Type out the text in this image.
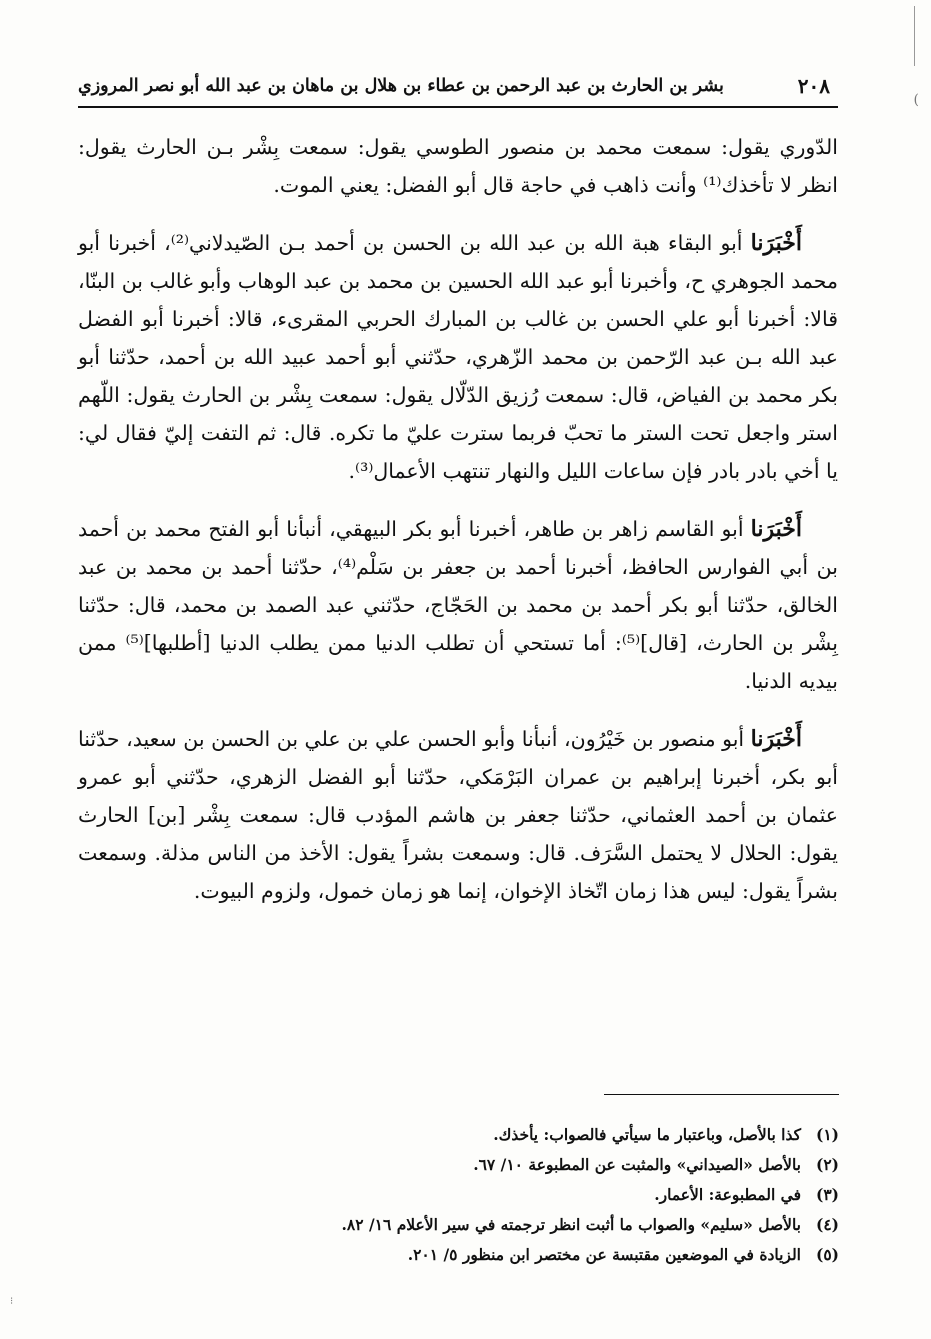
)
⁝
٢٠٨
بشر بن الحارث بن عبد الرحمن بن عطاء بن هلال بن ماهان بن عبد الله أبو نصر المروزي

الدّوري يقول: سمعت محمد بن منصور الطوسي يقول: سمعت بِشْر بـن الحارث يقول: انظر لا تأخذك⁽¹⁾ وأنت ذاهب في حاجة قال أبو الفضل: يعني الموت.

أَخْبَرَنا أبو البقاء هبة الله بن عبد الله بن الحسن بن أحمد بـن الصّيدلاني⁽²⁾، أخبرنا أبو محمد الجوهري ح، وأخبرنا أبو عبد الله الحسين بن محمد بن عبد الوهاب وأبو غالب بن البنّا، قالا: أخبرنا أبو علي الحسن بن غالب بن المبارك الحربي المقرىء، قالا: أخبرنا أبو الفضل عبد الله بـن عبد الرّحمن بن محمد الزّهري، حدّثني أبو أحمد عبيد الله بن أحمد، حدّثنا أبو بكر محمد بن الفياض، قال: سمعت رُزيق الدّلّال يقول: سمعت بِشْر بن الحارث يقول: اللّهم استر واجعل تحت الستر ما تحبّ فربما سترت عليّ ما تكره. قال: ثم التفت إليّ فقال لي: يا أخي بادر بادر فإن ساعات الليل والنهار تنتهب الأعمال⁽³⁾.

أَخْبَرَنا أبو القاسم زاهر بن طاهر، أخبرنا أبو بكر البيهقي، أنبأنا أبو الفتح محمد بن أحمد بن أبي الفوارس الحافظ، أخبرنا أحمد بن جعفر بن سَلْم⁽⁴⁾، حدّثنا أحمد بن محمد بن عبد الخالق، حدّثنا أبو بكر أحمد بن محمد بن الحَجّاج، حدّثني عبد الصمد بن محمد، قال: حدّثنا بِشْر بن الحارث، [قال]⁽⁵⁾: أما تستحي أن تطلب الدنيا ممن يطلب الدنيا [أطلبها]⁽⁵⁾ ممن بيديه الدنيا.

أَخْبَرَنا أبو منصور بن خَيْرُون، أنبأنا وأبو الحسن علي بن علي بن الحسن بن سعيد، حدّثنا أبو بكر، أخبرنا إبراهيم بن عمران البَرْمَكي، حدّثنا أبو الفضل الزهري، حدّثني أبو عمرو عثمان بن أحمد العثماني، حدّثنا جعفر بن هاشم المؤدب قال: سمعت بِشْر [بن] الحارث يقول: الحلال لا يحتمل السَّرَف. قال: وسمعت بشراً يقول: الأخذ من الناس مذلة. وسمعت بشراً يقول: ليس هذا زمان اتّخاذ الإخوان، إنما هو زمان خمول، ولزوم البيوت.

(١)
كذا بالأصل، وباعتبار ما سيأتي فالصواب: يأخذك.
(٢)
بالأصل «الصيداني» والمثبت عن المطبوعة ١٠/ ٦٧.
(٣)
في المطبوعة: الأعمار.
(٤)
بالأصل «سليم» والصواب ما أثبت انظر ترجمته في سير الأعلام ١٦/ ٨٢.
(٥)
الزيادة في الموضعين مقتبسة عن مختصر ابن منظور ٥/ ٢٠١.
